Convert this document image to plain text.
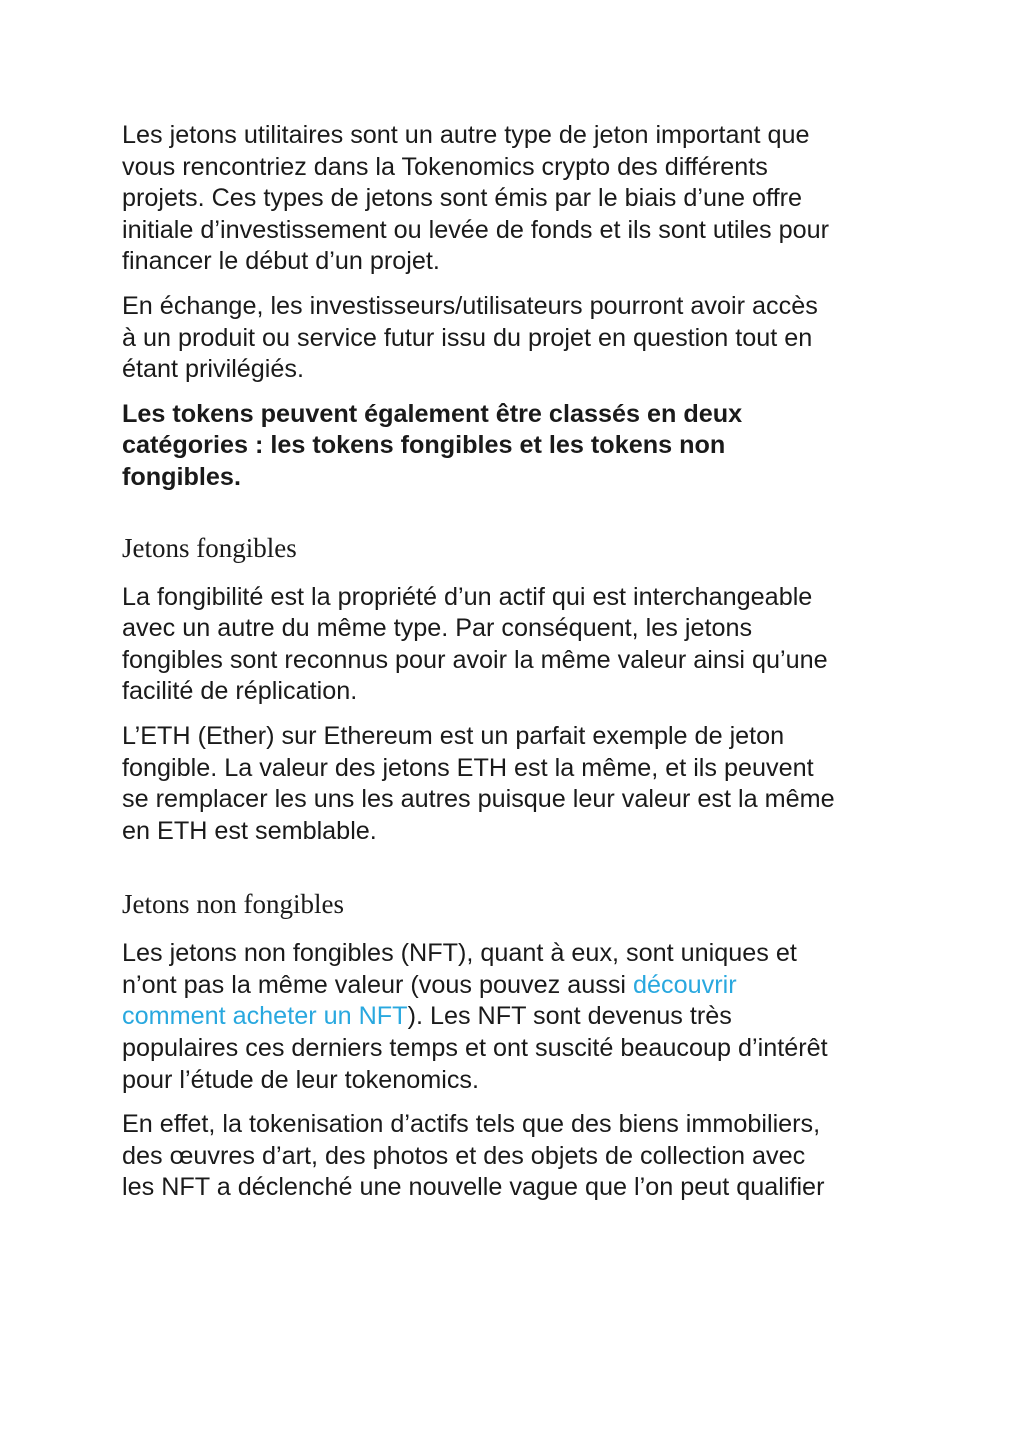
Les jetons utilitaires sont un autre type de jeton important que
vous rencontriez dans la Tokenomics crypto des différents
projets. Ces types de jetons sont émis par le biais d’une offre
initiale d’investissement ou levée de fonds et ils sont utiles pour
financer le début d’un projet.

En échange, les investisseurs/utilisateurs pourront avoir accès
à un produit ou service futur issu du projet en question tout en
étant privilégiés.

Les tokens peuvent également être classés en deux
catégories : les tokens fongibles et les tokens non
fongibles.

Jetons fongibles

La fongibilité est la propriété d’un actif qui est interchangeable
avec un autre du même type. Par conséquent, les jetons
fongibles sont reconnus pour avoir la même valeur ainsi qu’une
facilité de réplication.

L’ETH (Ether) sur Ethereum est un parfait exemple de jeton
fongible. La valeur des jetons ETH est la même, et ils peuvent
se remplacer les uns les autres puisque leur valeur est la même
en ETH est semblable.

Jetons non fongibles

Les jetons non fongibles (NFT), quant à eux, sont uniques et
n’ont pas la même valeur (vous pouvez aussi découvrir
comment acheter un NFT). Les NFT sont devenus très
populaires ces derniers temps et ont suscité beaucoup d’intérêt
pour l’étude de leur tokenomics.

En effet, la tokenisation d’actifs tels que des biens immobiliers,
des œuvres d’art, des photos et des objets de collection avec
les NFT a déclenché une nouvelle vague que l’on peut qualifier
